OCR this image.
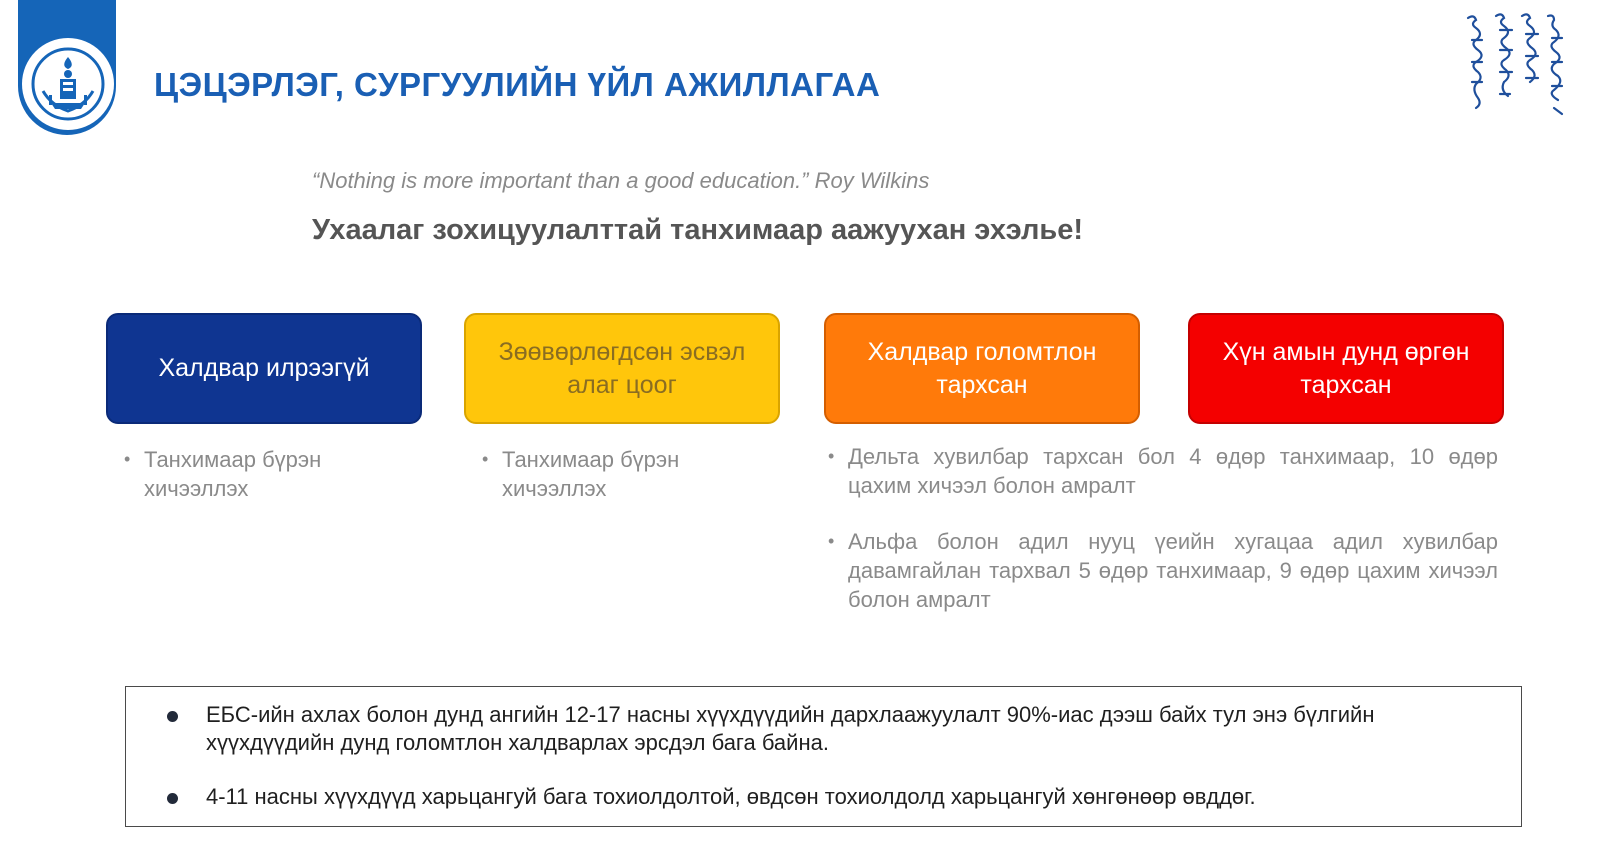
ЦЭЦЭРЛЭГ, СУРГУУЛИЙН ҮЙЛ АЖИЛЛАГАА

“Nothing is more important than a good education.” Roy Wilkins

Ухаалаг зохицуулалттай танхимаар аажуухан эхэлье!

Халдвар илрээгүй
Зөөвөрлөгдсөн эсвэл алаг цоог
Халдвар голомтлон тархсан
Хүн амын дунд өргөн тархсан
• Танхимаар бүрэн хичээллэх
• Танхимаар бүрэн хичээллэх
• Дельта хувилбар тархсан бол 4 өдөр танхимаар, 10 өдөр цахим хичээл болон амралт
• Альфа болон адил нууц үеийн хугацаа адил хувилбар давамгайлан тархвал 5 өдөр танхимаар, 9 өдөр цахим хичээл болон амралт
ЕБС-ийн ахлах болон дунд ангийн 12-17 насны хүүхдүүдийн дархлаажуулалт 90%-иас дээш байх тул энэ бүлгийн хүүхдүүдийн дунд голомтлон халдварлах эрсдэл бага байна.
4-11 насны хүүхдүүд харьцангуй бага тохиолдолтой, өвдсөн тохиолдолд харьцангуй хөнгөнөөр өвддөг.
